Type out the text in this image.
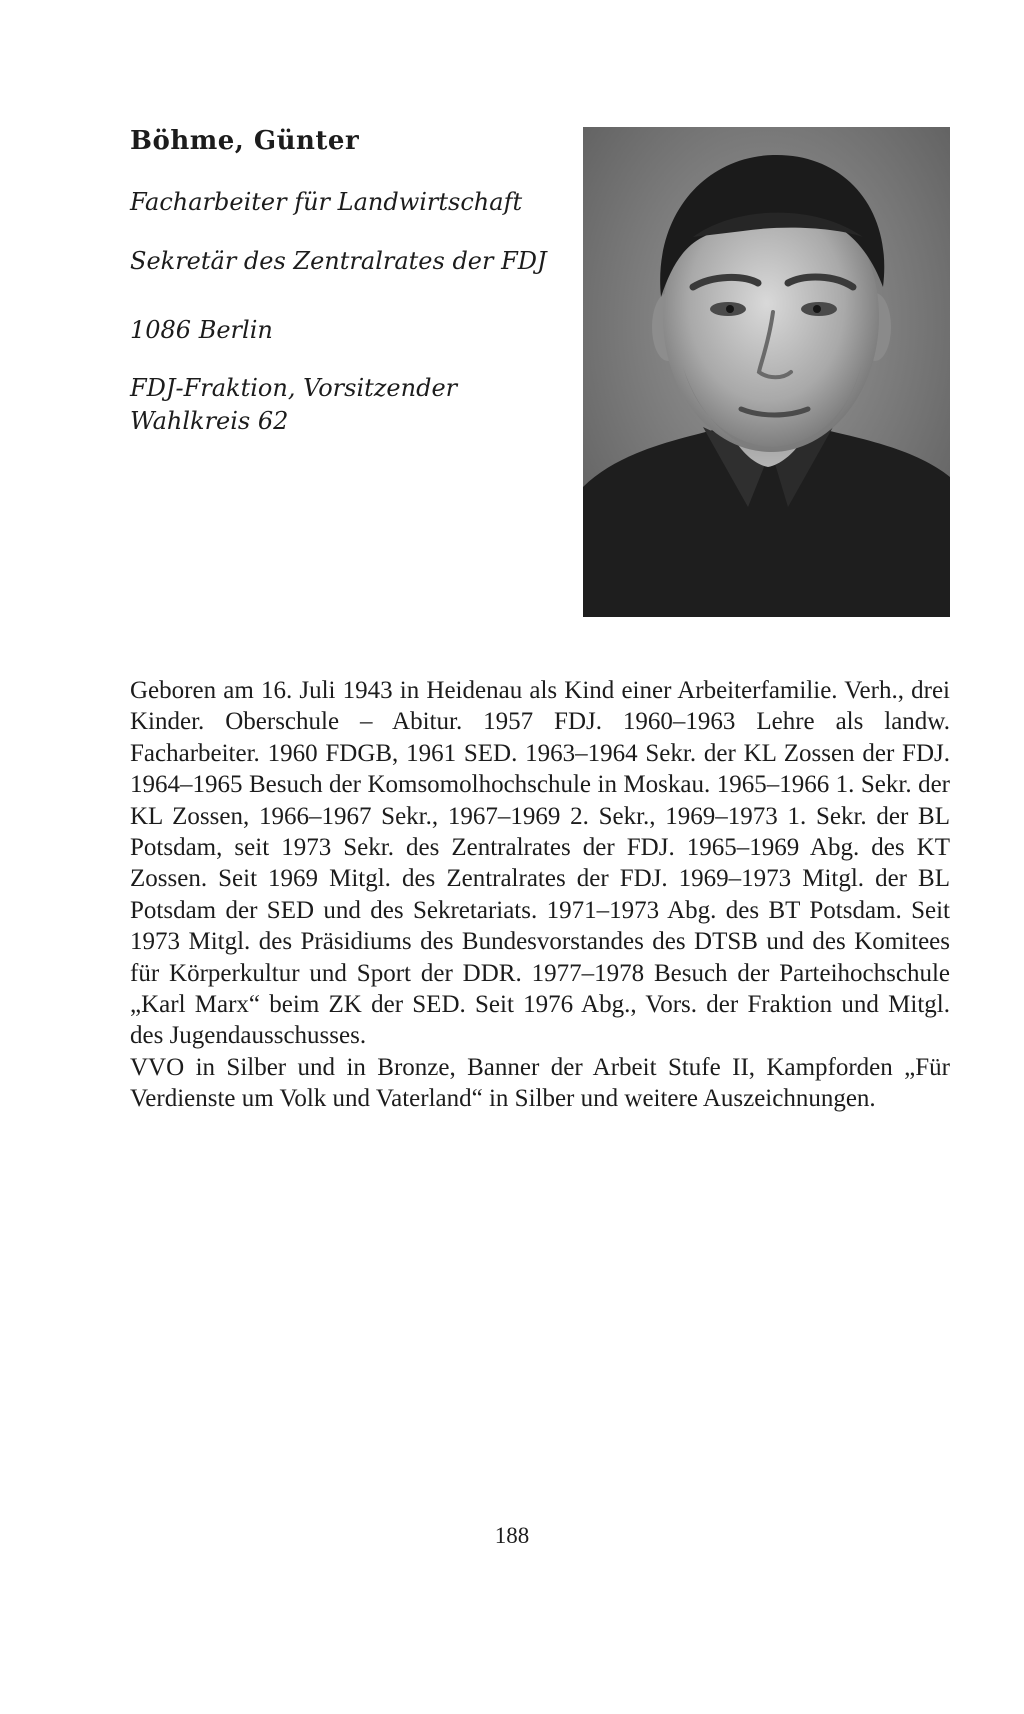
Böhme, Günter

Facharbeiter für Landwirtschaft

Sekretär des Zentralrates der FDJ

1086 Berlin

FDJ-Fraktion, Vorsitzender

Wahlkreis 62

Geboren am 16. Juli 1943 in Heidenau als Kind einer Arbeiterfamilie. Verh., drei Kinder. Oberschule – Abitur. 1957 FDJ. 1960–1963 Lehre als landw. Facharbeiter. 1960 FDGB, 1961 SED. 1963–1964 Sekr. der KL Zossen der FDJ. 1964–1965 Besuch der Komsomolhochschule in Moskau. 1965–1966 1. Sekr. der KL Zossen, 1966–1967 Sekr., 1967–1969 2. Sekr., 1969–1973 1. Sekr. der BL Potsdam, seit 1973 Sekr. des Zentralrates der FDJ. 1965–1969 Abg. des KT Zossen. Seit 1969 Mitgl. des Zentralrates der FDJ. 1969–1973 Mitgl. der BL Potsdam der SED und des Sekretariats. 1971–1973 Abg. des BT Potsdam. Seit 1973 Mitgl. des Präsidiums des Bundesvorstandes des DTSB und des Komitees für Körperkultur und Sport der DDR. 1977–1978 Besuch der Parteihochschule „Karl Marx“ beim ZK der SED. Seit 1976 Abg., Vors. der Fraktion und Mitgl. des Jugendausschusses.

VVO in Silber und in Bronze, Banner der Arbeit Stufe II, Kampforden „Für Verdienste um Volk und Vaterland“ in Silber und weitere Auszeichnungen.

188
